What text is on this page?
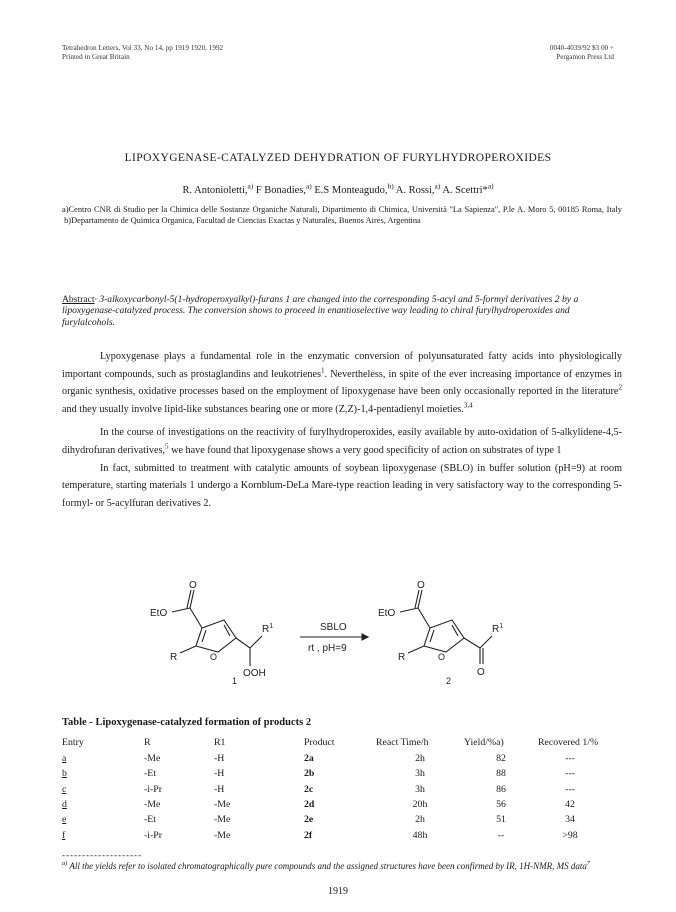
Tetrahedron Letters, Vol 33, No 14, pp 1919 1920, 1992
Printed in Great Britain
0040-4039/92 $3 00 +
Pergamon Press Ltd
LIPOXYGENASE-CATALYZED DEHYDRATION OF FURYLHYDROPEROXIDES
R. Antonioletti,$^{a)}$ F Bonadies,$^{a)}$ E.S Monteagudo,$^{b)}$ A. Rossi,$^{a)}$ A. Scettri*$^{a)}$
a)Centro CNR di Studio per la Chimica delle Sostanze Organiche Naturali, Dipartimento di Chimica, Università "La Sapienza", P.le A. Moro 5, 00185 Roma, Italy  b)Departamento de Quimica Organica, Facultad de Ciencias Exactas y Naturales, Buenos Aires, Argentina
Abstract· 3-alkoxycarbonyl-5(1-hydroperoxyalkyl)-furans 1 are changed into the corresponding 5-acyl and 5-formyl derivatives 2 by a lipoxygenase-catalyzed process. The conversion shows to proceed in enantioselective way leading to chiral furylhydroperoxides and furylalcohols.

Lypoxygenase plays a fundamental role in the enzymatic conversion of polyunsaturated fatty acids into physiologically important compounds, such as prostaglandins and leukotrienes$^1$. Nevertheless, in spite of the ever increasing importance of enzymes in organic synthesis, oxidative processes based on the employment of lipoxygenase have been only occasionally reported in the literature$^2$ and they usually involve lipid-like substances bearing one or more (Z,Z)-1,4-pentadienyl moieties.$^{3,4}$

In the course of investigations on the reactivity of furylhydroperoxides, easily available by auto-oxidation of 5-alkylidene-4,5-dihydrofuran derivatives,$^5$ we have found that lipoxygenase shows a very good specificity of action on substrates of type 1

In fact, submitted to treatment with catalytic amounts of soybean lipoxygenase (SBLO) in buffer solution (pH=9) at room temperature, starting materials 1 undergo a Kornblum-DeLa Mare-type reaction leading in very satisfactory way to the corresponding 5-formyl- or 5-acylfuran derivatives 2.

O
EtO
R	O
$R^1$
OOH
1
SBLO
rt , pH=9
O
EtO
R	O
$R^1$
O
2
Table - Lipoxygenase-catalyzed formation of products 2
Entry	R	R1	Product	React Time/h	Yield/%a)	Recovered 1/%
a	-Me	-H	2a	2h	82	---
b	-Et	-H	2b	3h	88	---
c	-i-Pr	-H	2c	3h	86	---
d	-Me	-Me	2d	20h	56	42
e	-Et	-Me	2e	2h	51	34
f	-i-Pr	-Me	2f	48h	--	>98
--------------------
$^{a)}$ All the yields refer to isolated chromatographically pure compounds and the assigned structures have been confirmed by IR, 1H-NMR, MS data$^7$
1919
